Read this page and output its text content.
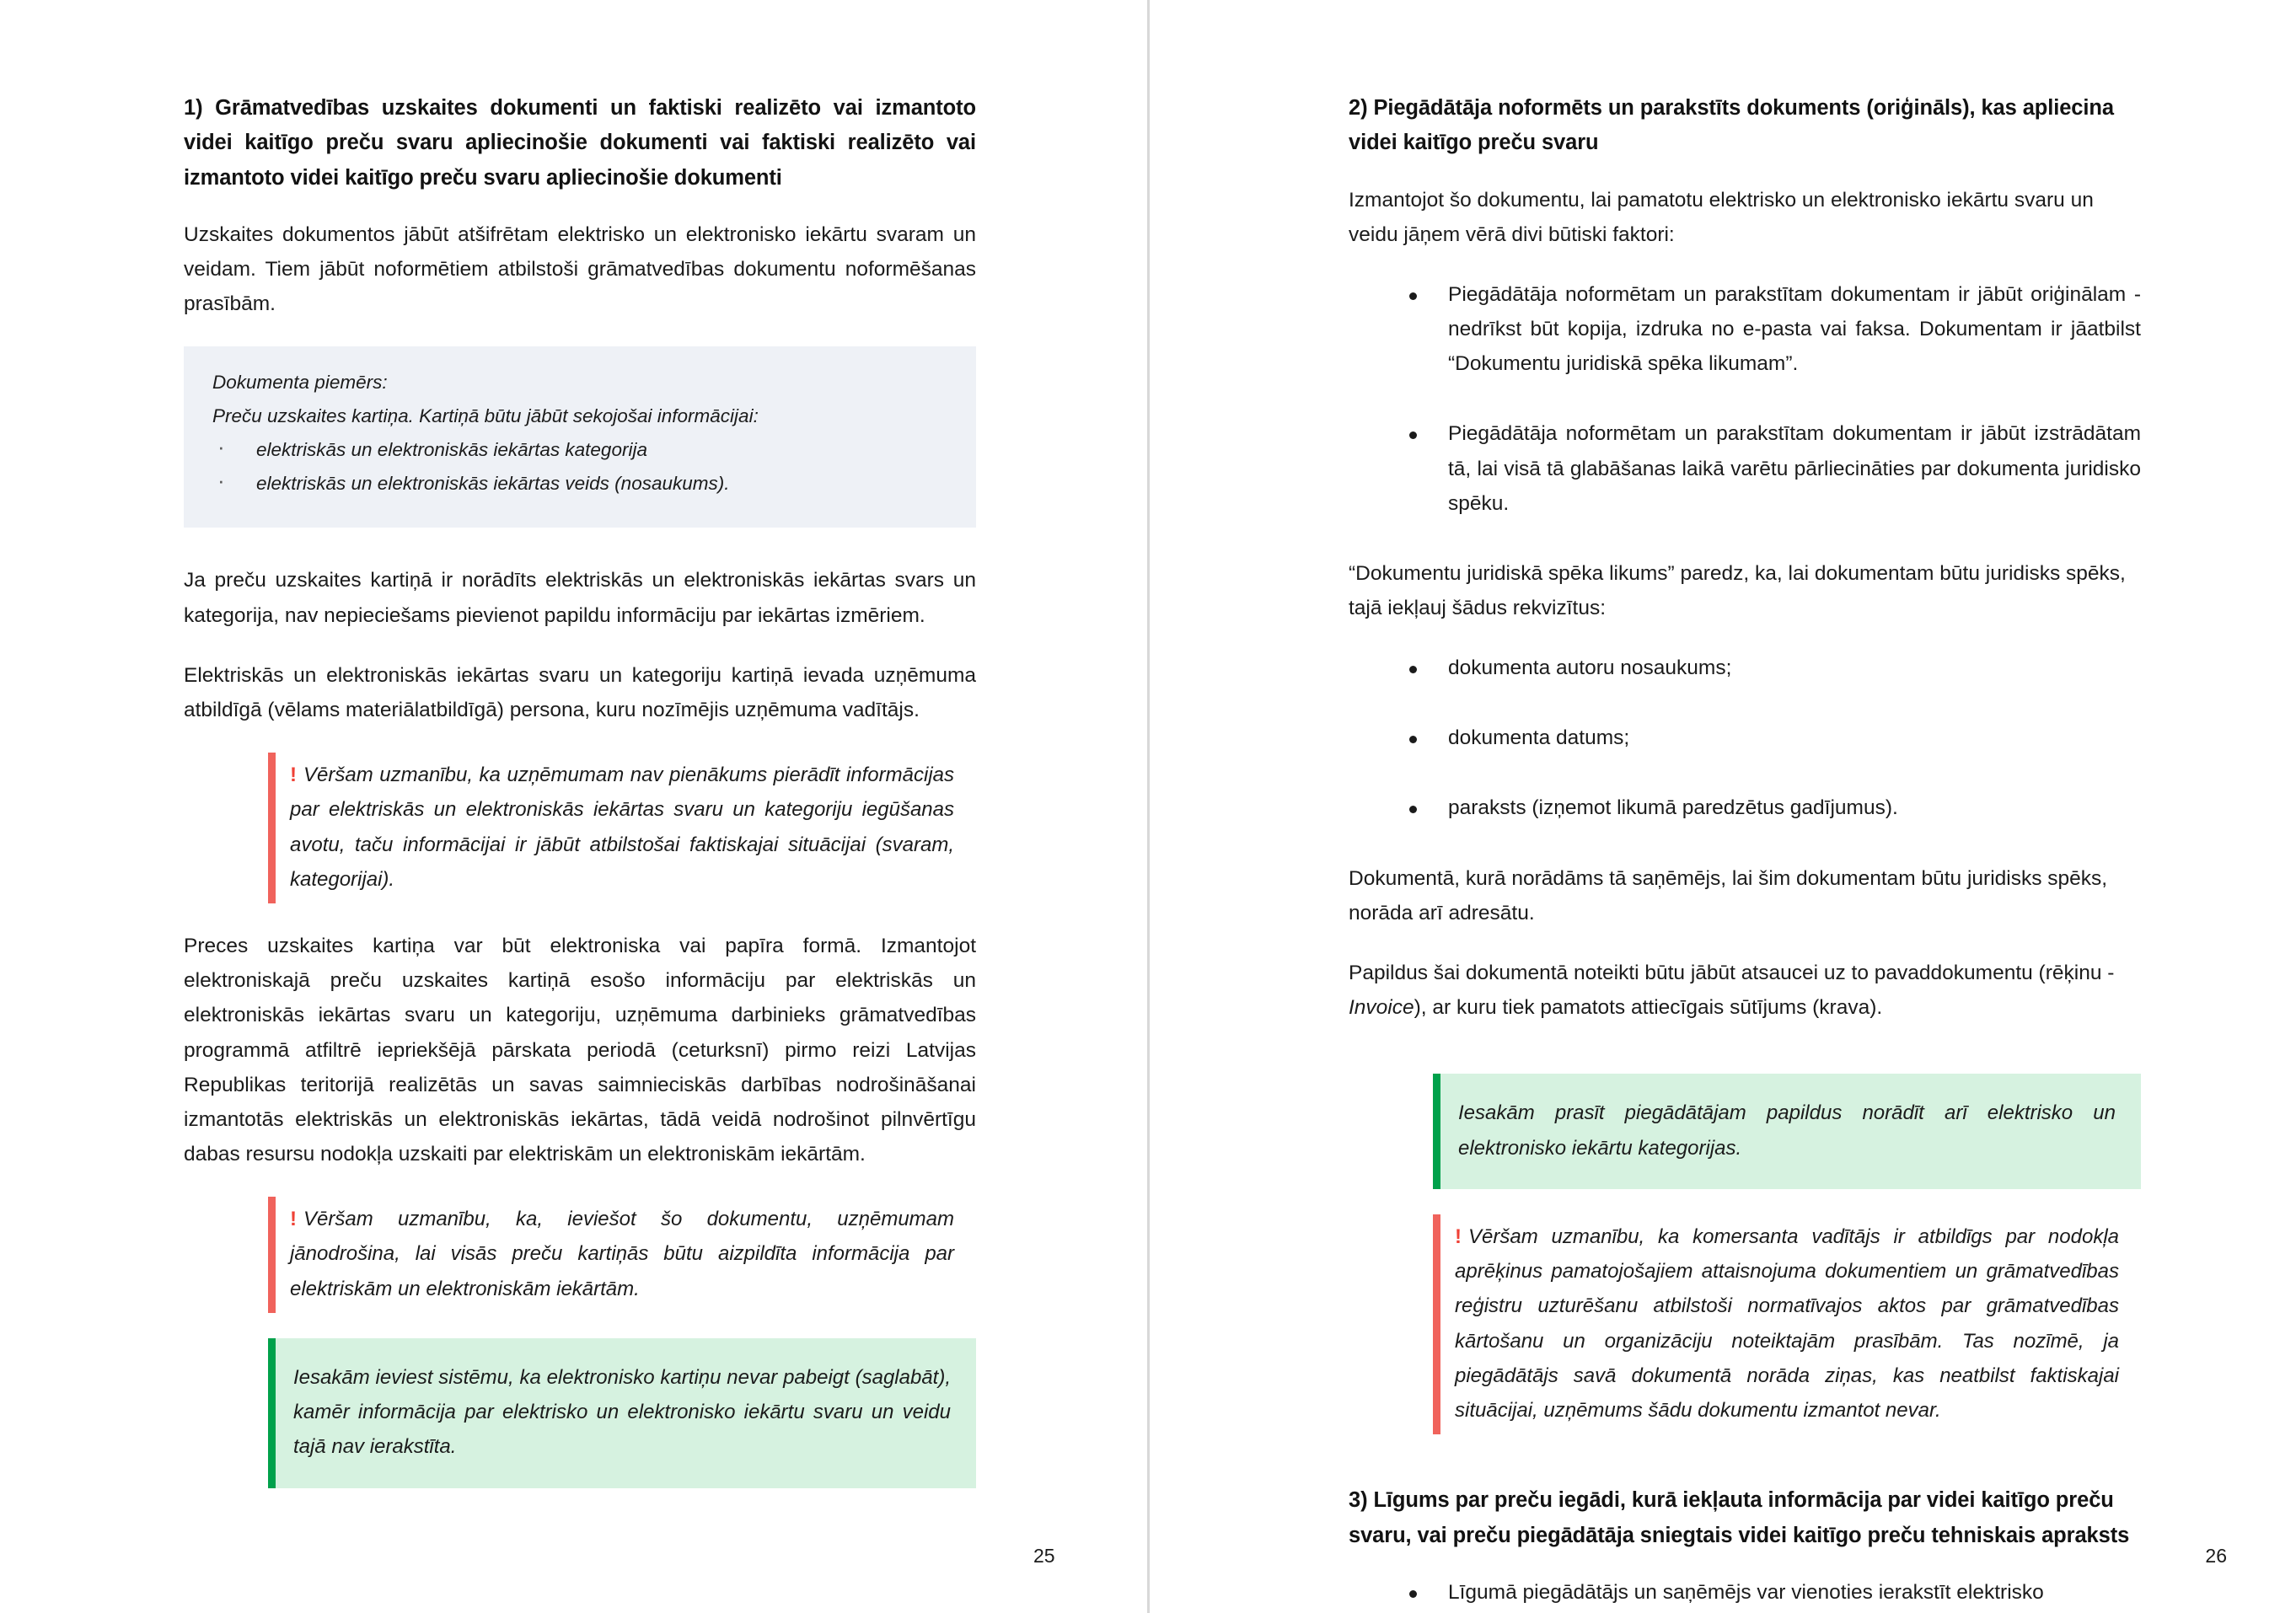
1) Grāmatvedības uzskaites dokumenti un faktiski realizēto vai izmantoto videi kaitīgo preču svaru apliecinošie dokumenti vai faktiski realizēto vai izmantoto videi kaitīgo preču svaru apliecinošie dokumenti

Uzskaites dokumentos jābūt atšifrētam elektrisko un elektronisko iekārtu svaram un veidam. Tiem jābūt noformētiem atbilstoši grāmatvedības dokumentu noformēšanas prasībām.

Dokumenta piemērs:
Preču uzskaites kartiņa. Kartiņā būtu jābūt sekojošai informācijai:
· elektriskās un elektroniskās iekārtas kategorija
· elektriskās un elektroniskās iekārtas veids (nosaukums).

Ja preču uzskaites kartiņā ir norādīts elektriskās un elektroniskās iekārtas svars un kategorija, nav nepieciešams pievienot papildu informāciju par iekārtas izmēriem.

Elektriskās un elektroniskās iekārtas svaru un kategoriju kartiņā ievada uzņēmuma atbildīgā (vēlams materiālatbildīgā) persona, kuru nozīmējis uzņēmuma vadītājs.

! Vēršam uzmanību, ka uzņēmumam nav pienākums pierādīt informācijas par elektriskās un elektroniskās iekārtas svaru un kategoriju iegūšanas avotu, taču informācijai ir jābūt atbilstošai faktiskajai situācijai (svaram, kategorijai).

Preces uzskaites kartiņa var būt elektroniska vai papīra formā. Izmantojot elektroniskajā preču uzskaites kartiņā esošo informāciju par elektriskās un elektroniskās iekārtas svaru un kategoriju, uzņēmuma darbinieks grāmatvedības programmā atfiltrē iepriekšējā pārskata periodā (ceturksnī) pirmo reizi Latvijas Republikas teritorijā realizētās un savas saimnieciskās darbības nodrošināšanai izmantotās elektriskās un elektroniskās iekārtas, tādā veidā nodrošinot pilnvērtīgu dabas resursu nodokļa uzskaiti par elektriskām un elektroniskām iekārtām.

! Vēršam uzmanību, ka, ieviešot šo dokumentu, uzņēmumam jānodrošina, lai visās preču kartiņās būtu aizpildīta informācija par elektriskām un elektroniskām iekārtām.
Iesakām ieviest sistēmu, ka elektronisko kartiņu nevar pabeigt (saglabāt), kamēr informācija par elektrisko un elektronisko iekārtu svaru un veidu tajā nav ierakstīta.
25
2) Piegādātāja noformēts un parakstīts dokuments (oriģināls), kas apliecina videi kaitīgo preču svaru

Izmantojot šo dokumentu, lai pamatotu elektrisko un elektronisko iekārtu svaru un veidu jāņem vērā divi būtiski faktori:

Piegādātāja noformētam un parakstītam dokumentam ir jābūt oriģinālam - nedrīkst būt kopija, izdruka no e-pasta vai faksa. Dokumentam ir jāatbilst “Dokumentu juridiskā spēka likumam”.
Piegādātāja noformētam un parakstītam dokumentam ir jābūt izstrādātam tā, lai visā tā glabāšanas laikā varētu pārliecināties par dokumenta juridisko spēku.

“Dokumentu juridiskā spēka likums” paredz, ka, lai dokumentam būtu juridisks spēks, tajā iekļauj šādus rekvizītus:

dokumenta autoru nosaukums;
dokumenta datums;
paraksts (izņemot likumā paredzētus gadījumus).

Dokumentā, kurā norādāms tā saņēmējs, lai šim dokumentam būtu juridisks spēks, norāda arī adresātu.

Papildus šai dokumentā noteikti būtu jābūt atsaucei uz to pavaddokumentu (rēķinu - Invoice), ar kuru tiek pamatots attiecīgais sūtījums (krava).

Iesakām prasīt piegādātājam papildus norādīt arī elektrisko un elektronisko iekārtu kategorijas.
! Vēršam uzmanību, ka komersanta vadītājs ir atbildīgs par nodokļa aprēķinus pamatojošajiem attaisnojuma dokumentiem un grāmatvedības reģistru uzturēšanu atbilstoši normatīvajos aktos par grāmatvedības kārtošanu un organizāciju noteiktajām prasībām. Tas nozīmē, ja piegādātājs savā dokumentā norāda ziņas, kas neatbilst faktiskajai situācijai, uzņēmums šādu dokumentu izmantot nevar.
3) Līgums par preču iegādi, kurā iekļauta informācija par videi kaitīgo preču svaru, vai preču piegādātāja sniegtais videi kaitīgo preču tehniskais apraksts
Līgumā piegādātājs un saņēmējs var vienoties ierakstīt elektrisko
26
